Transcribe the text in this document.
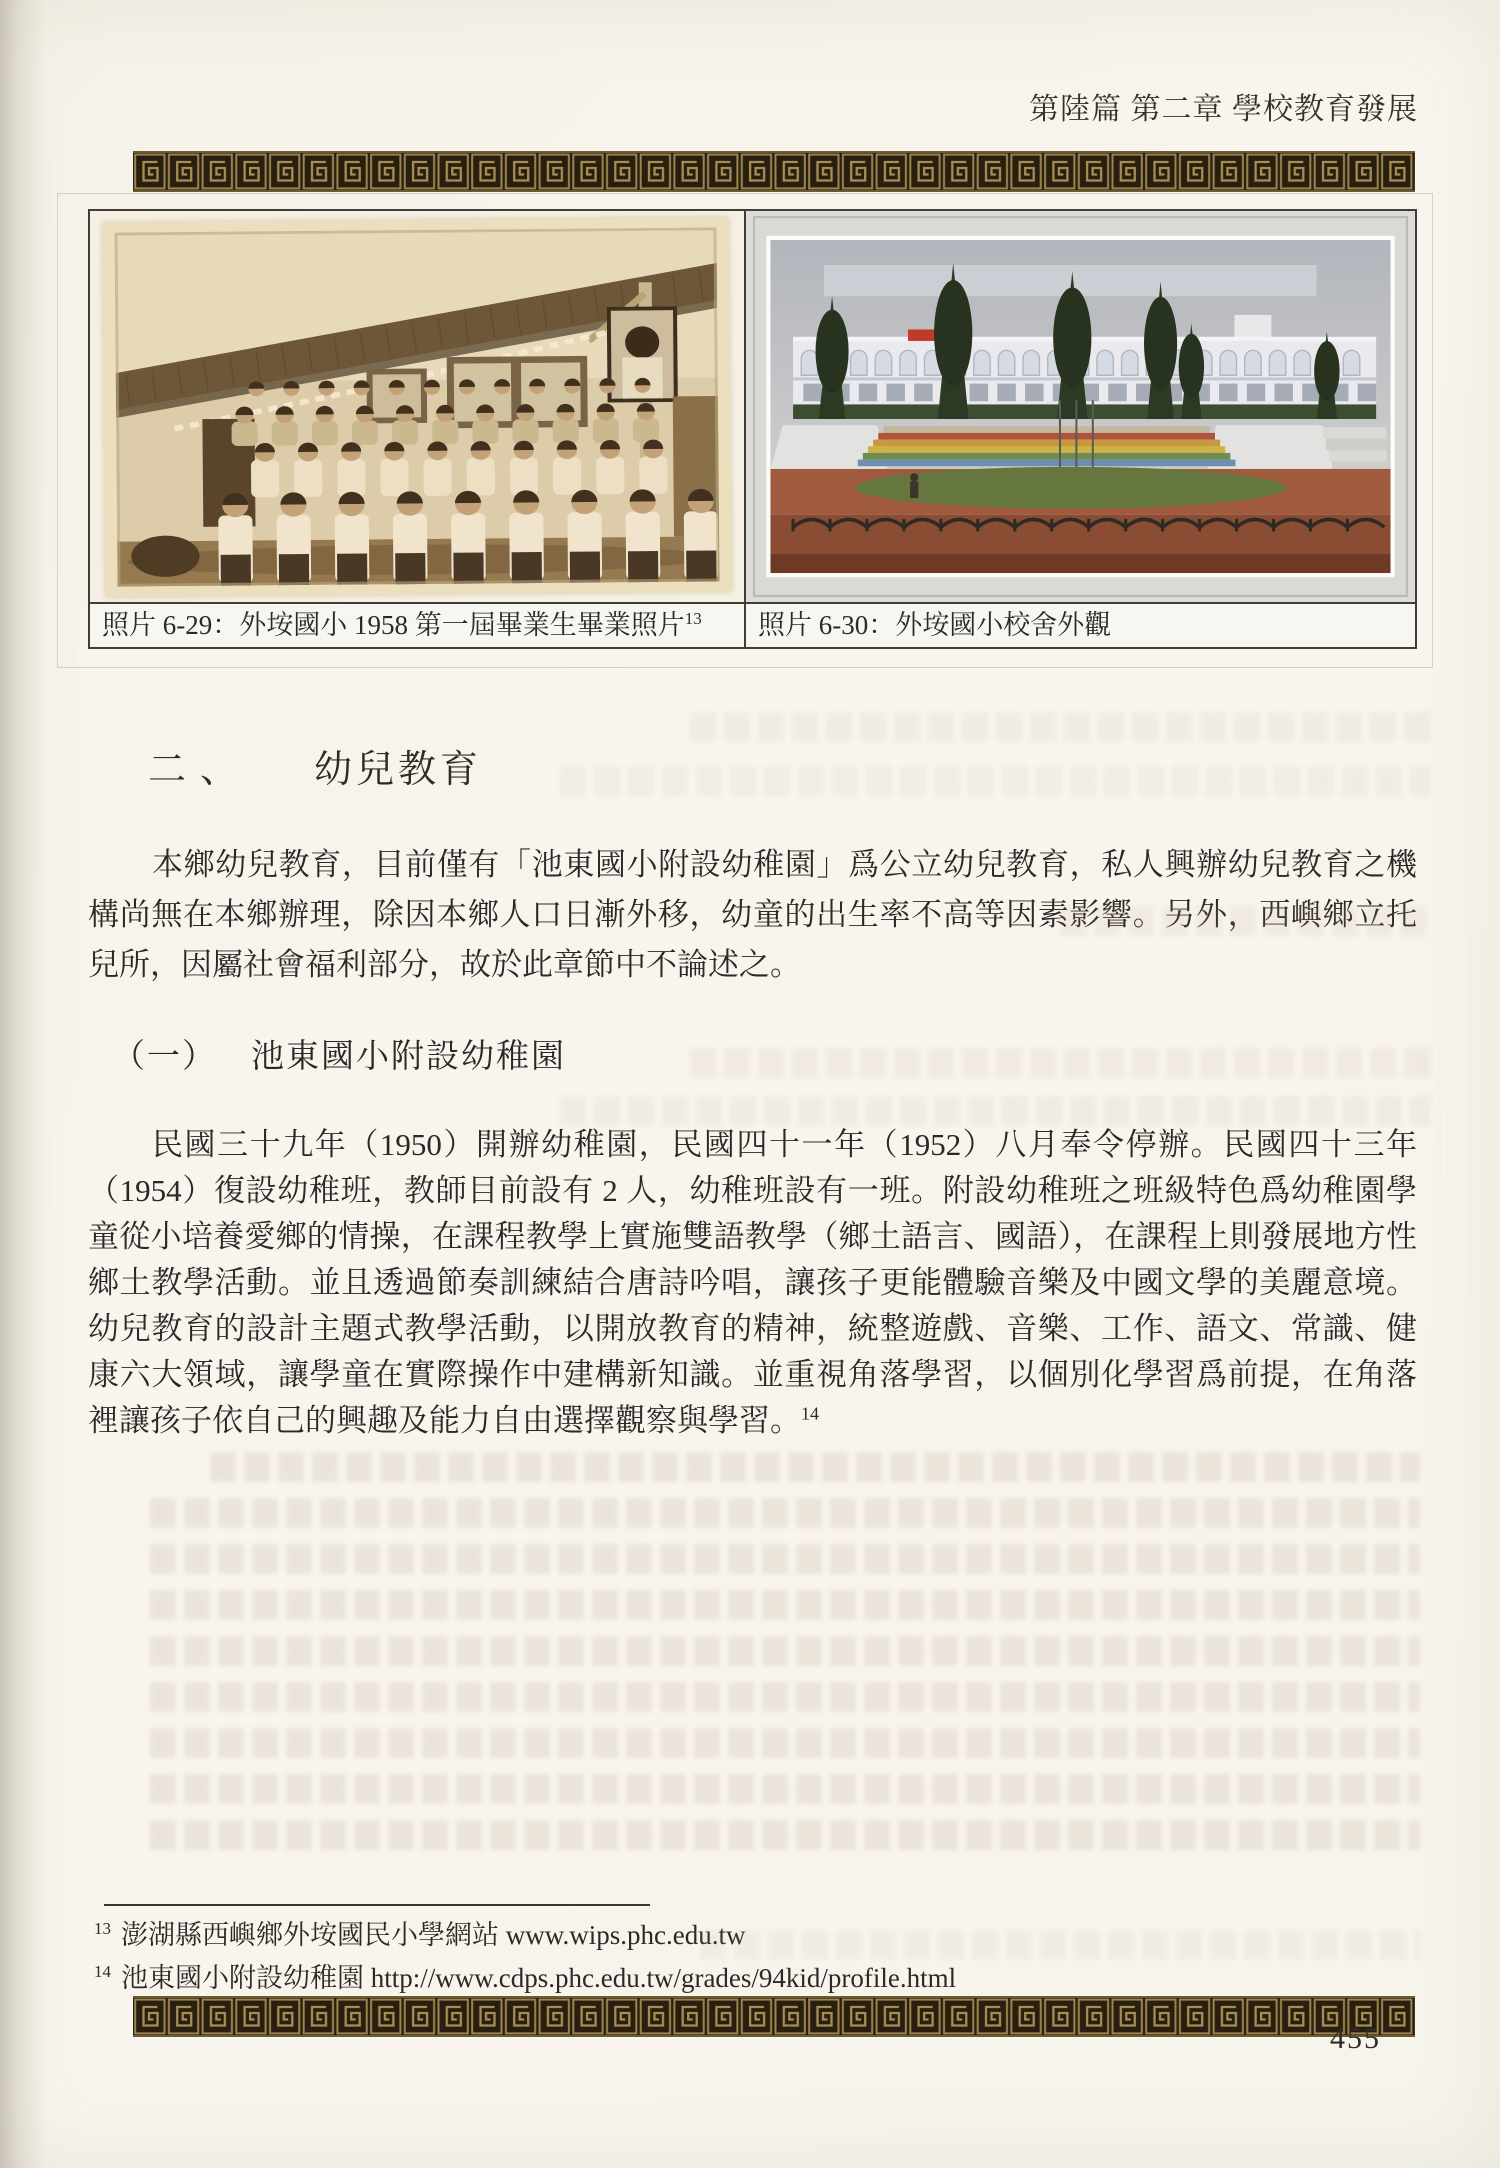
第陸篇 第二章 學校教育發展
照片 6-29：外垵國小 1958 第一屆畢業生畢業照片$^{13}$	照片 6-30：外垵國小校舍外觀
二、 幼兒教育
本鄉幼兒教育，目前僅有「池東國小附設幼稚園」爲公立幼兒教育，私人興辦幼兒教育之機構尚無在本鄉辦理，除因本鄉人口日漸外移，幼童的出生率不高等因素影響。另外，西嶼鄉立托兒所，因屬社會福利部分，故於此章節中不論述之。
（一） 池東國小附設幼稚園
民國三十九年（1950）開辦幼稚園，民國四十一年（1952）八月奉令停辦。民國四十三年（1954）復設幼稚班，教師目前設有 2 人，幼稚班設有一班。附設幼稚班之班級特色爲幼稚園學童從小培養愛鄉的情操，在課程教學上實施雙語教學（鄉土語言、國語），在課程上則發展地方性鄉土教學活動。並且透過節奏訓練結合唐詩吟唱，讓孩子更能體驗音樂及中國文學的美麗意境。幼兒教育的設計主題式教學活動，以開放教育的精神，統整遊戲、音樂、工作、語文、常識、健康六大領域，讓學童在實際操作中建構新知識。並重視角落學習，以個別化學習爲前提，在角落裡讓孩子依自己的興趣及能力自由選擇觀察與學習。$^{14}$
$^{13}$ 澎湖縣西嶼鄉外垵國民小學網站 www.wips.phc.edu.tw
$^{14}$ 池東國小附設幼稚園 http://www.cdps.phc.edu.tw/grades/94kid/profile.html
455
